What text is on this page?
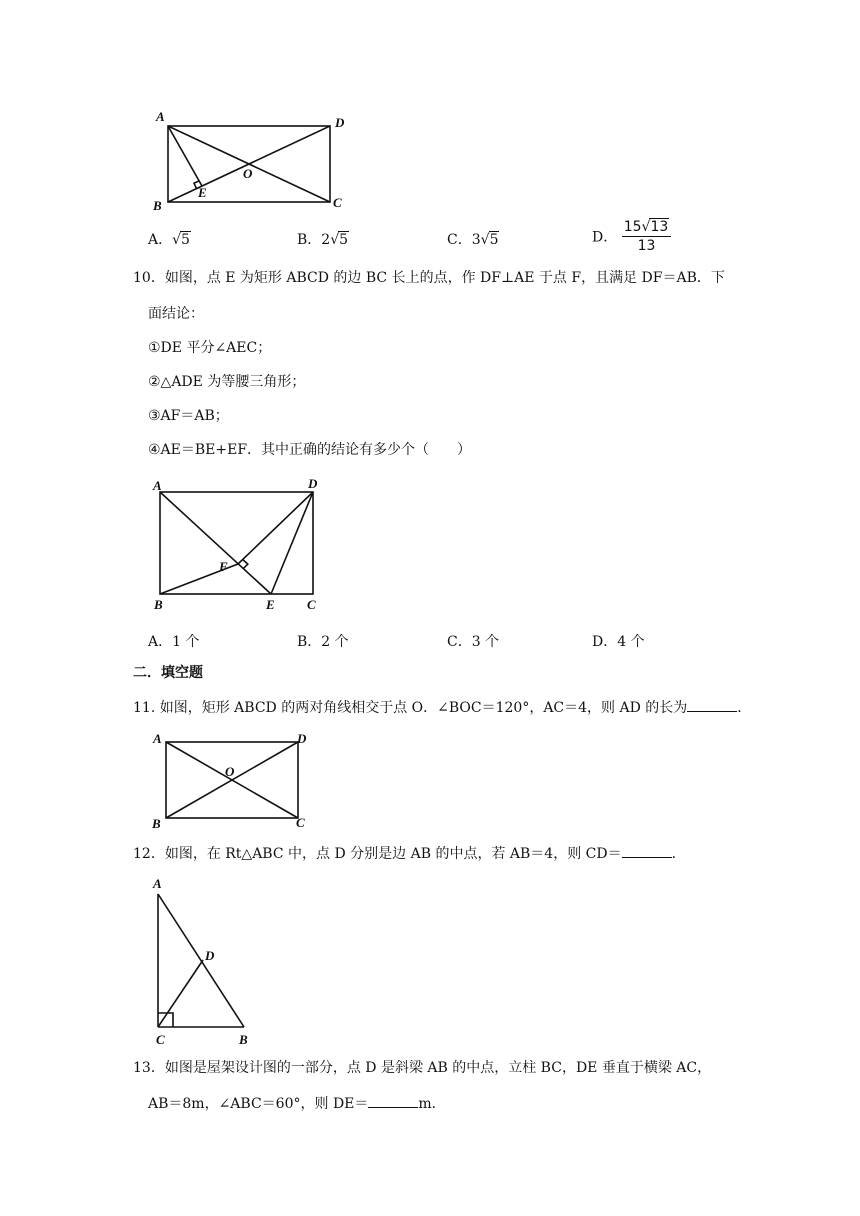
A	D
B	C
E
O
A．√5	B．2√5	C．3√5	D． $\frac{15√13}{13}$
10．如图，点 E 为矩形 ABCD 的边 BC 长上的点，作 DF⊥AE 于点 F，且满足 DF＝AB．下
面结论：
①DE 平分∠AEC；
②△ADE 为等腰三角形；
③AF＝AB；
④AE＝BE+EF．其中正确的结论有多少个（　　）
A	D
B	E C
F
A．1 个	B．2 个	C．3 个	D．4 个
二．填空题
11. 如图，矩形 ABCD 的两对角线相交于点 O．∠BOC＝120°，AC＝4，则 AD 的长为	．
A	D
B	C
O
12．如图，在 Rt△ABC 中，点 D 分别是边 AB 的中点，若 AB＝4，则 CD＝	．
A
D
C	B
13．如图是屋架设计图的一部分，点 D 是斜梁 AB 的中点，立柱 BC，DE 垂直于横梁 AC，
AB＝8m，∠ABC＝60°，则 DE＝	m．
